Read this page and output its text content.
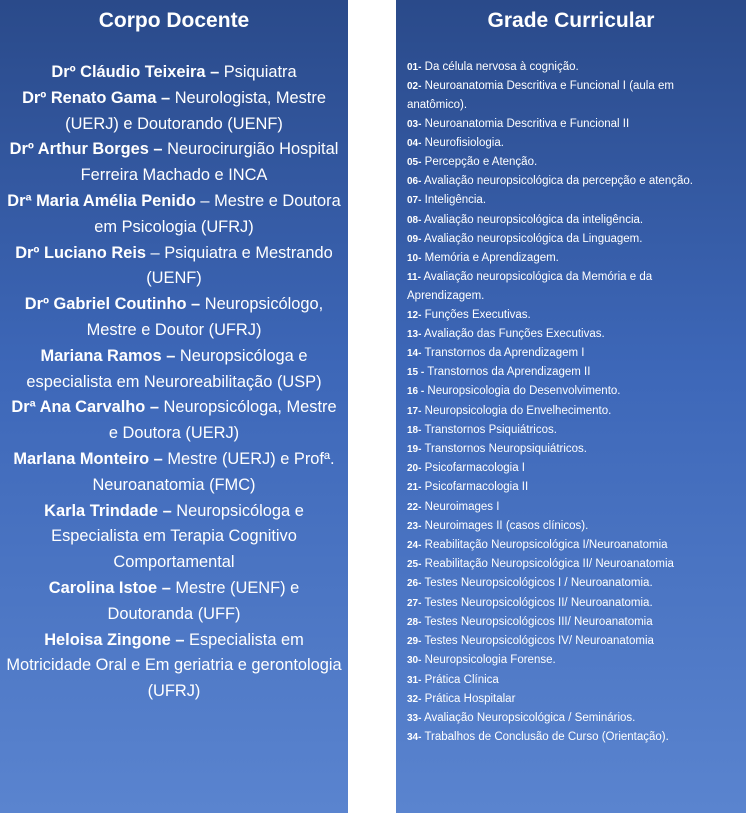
Corpo Docente

Drº Cláudio Teixeira – Psiquiatra

Drº Renato Gama – Neurologista, Mestre (UERJ) e Doutorando (UENF)

Drº Arthur Borges – Neurocirurgião Hospital Ferreira Machado e INCA

Drª Maria Amélia Penido – Mestre e Doutora em Psicologia (UFRJ)

Drº Luciano Reis – Psiquiatra e Mestrando (UENF)

Drº Gabriel Coutinho – Neuropsicólogo, Mestre e Doutor (UFRJ)

Mariana Ramos – Neuropsicóloga e especialista em Neuroreabilitação (USP)

Drª Ana Carvalho – Neuropsicóloga, Mestre e Doutora (UERJ)

Marlana Monteiro – Mestre (UERJ) e Profª. Neuroanatomia (FMC)

Karla Trindade – Neuropsicóloga e Especialista em Terapia Cognitivo Comportamental

Carolina Istoe – Mestre (UENF) e Doutoranda (UFF)

Heloisa Zingone – Especialista em Motricidade Oral e Em geriatria e gerontologia (UFRJ)

Grade Curricular

01- Da célula nervosa à cognição.

02- Neuroanatomia Descritiva e Funcional I (aula em anatômico).

03- Neuroanatomia Descritiva e Funcional II

04- Neurofisiologia.

05- Percepção e Atenção.

06- Avaliação neuropsicológica da percepção e atenção.

07- Inteligência.

08- Avaliação neuropsicológica da inteligência.

09- Avaliação neuropsicológica da Linguagem.

10- Memória e Aprendizagem.

11- Avaliação neuropsicológica da Memória e da Aprendizagem.

12- Funções Executivas.

13- Avaliação das Funções Executivas.

14- Transtornos da Aprendizagem I

15 - Transtornos da Aprendizagem II

16 - Neuropsicologia do Desenvolvimento.

17- Neuropsicologia do Envelhecimento.

18- Transtornos Psiquiátricos.

19- Transtornos Neuropsiquiátricos.

20- Psicofarmacologia I

21- Psicofarmacologia II

22- Neuroimages I

23- Neuroimages II (casos clínicos).

24- Reabilitação Neuropsicológica I/Neuroanatomia

25- Reabilitação Neuropsicológica II/ Neuroanatomia

26- Testes Neuropsicológicos I / Neuroanatomia.

27- Testes Neuropsicológicos II/ Neuroanatomia.

28- Testes Neuropsicológicos III/ Neuroanatomia

29- Testes Neuropsicológicos IV/ Neuroanatomia

30- Neuropsicologia Forense.

31- Prática Clínica

32- Prática Hospitalar

33- Avaliação Neuropsicológica / Seminários.

34- Trabalhos de Conclusão de Curso (Orientação).
